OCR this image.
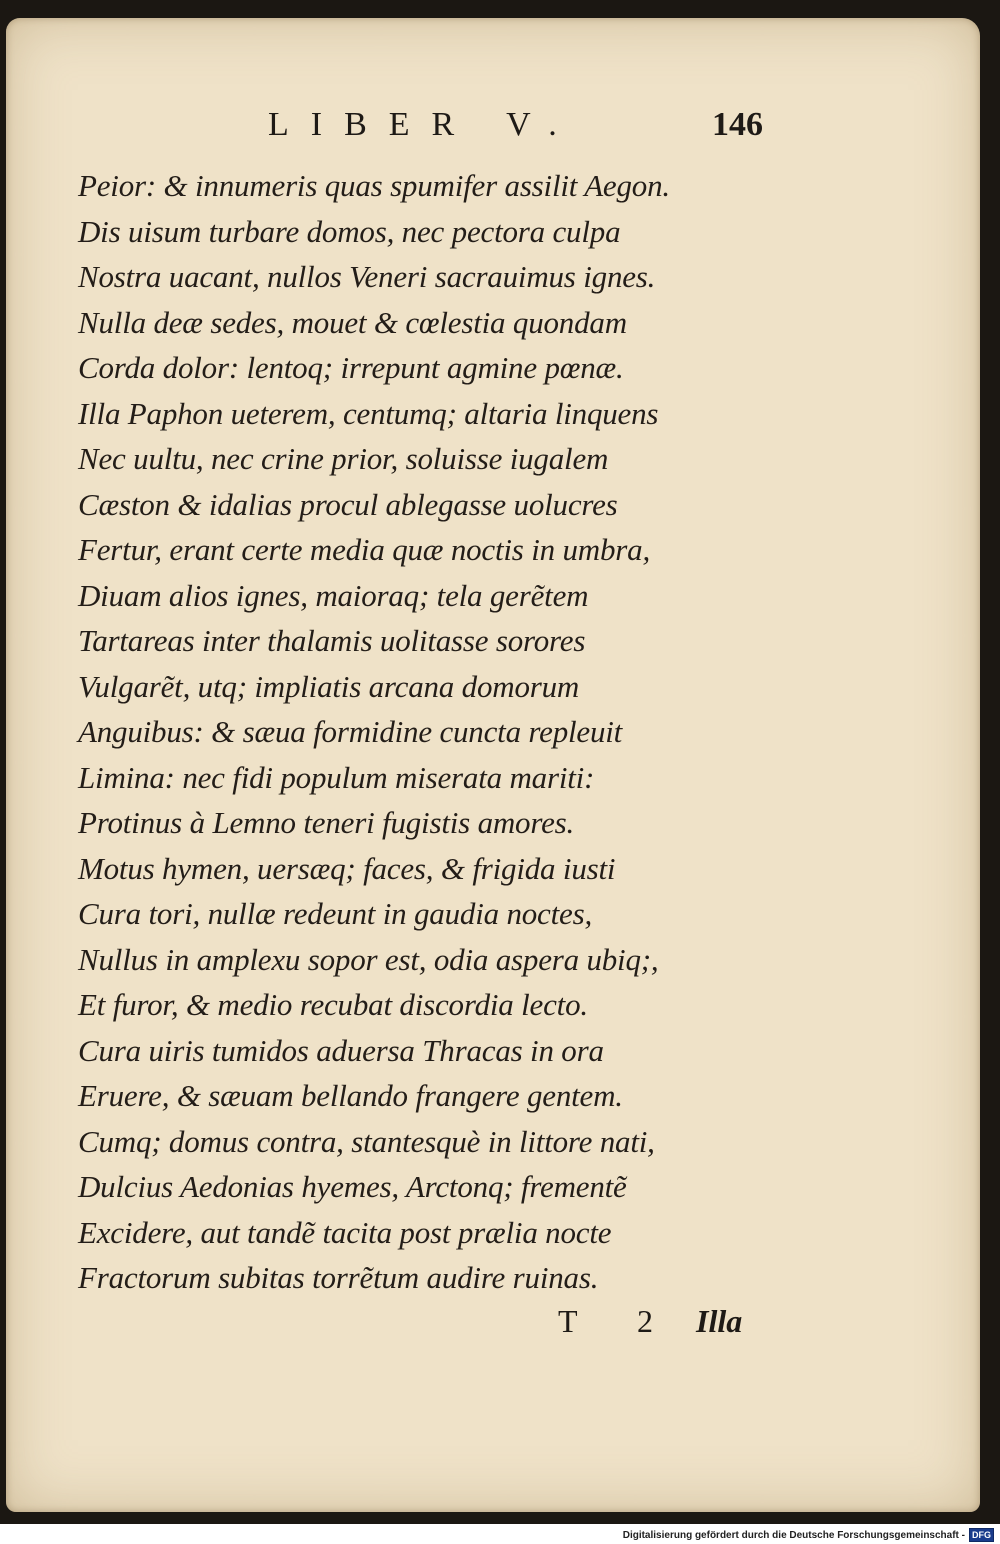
LIBER V.	146
Peior: & innumeris quas spumifer assilit Aegon.
Dis uisum turbare domos, nec pectora culpa
Nostra uacant, nullos Veneri sacrauimus ignes.
Nulla deæ sedes, mouet & cœlestia quondam
Corda dolor: lentoq; irrepunt agmine pœnæ.
Illa Paphon ueterem, centumq; altaria linquens
Nec uultu, nec crine prior, soluisse iugalem
Cæston & idalias procul ablegasse uolucres
Fertur, erant certe media quæ noctis in umbra,
Diuam alios ignes, maioraq; tela gerẽtem
Tartareas inter thalamis uolitasse sorores
Vulgarẽt, utq; impliatis arcana domorum
Anguibus: & sæua formidine cuncta repleuit
Limina: nec fidi populum miserata mariti:
Protinus à Lemno teneri fugistis amores.
Motus hymen, uersæq; faces, & frigida iusti
Cura tori, nullæ redeunt in gaudia noctes,
Nullus in amplexu sopor est, odia aspera ubiq;,
Et furor, & medio recubat discordia lecto.
Cura uiris tumidos aduersa Thracas in ora
Eruere, & sæuam bellando frangere gentem.
Cumq; domus contra, stantesquè in littore nati,
Dulcius Aedonias hyemes, Arctonq; frementẽ
Excidere, aut tandẽ tacita post prælia nocte
Fractorum subitas torrẽtum audire ruinas.
T 2 Illa
Digitalisierung gefördert durch die Deutsche Forschungsgemeinschaft - DFG
